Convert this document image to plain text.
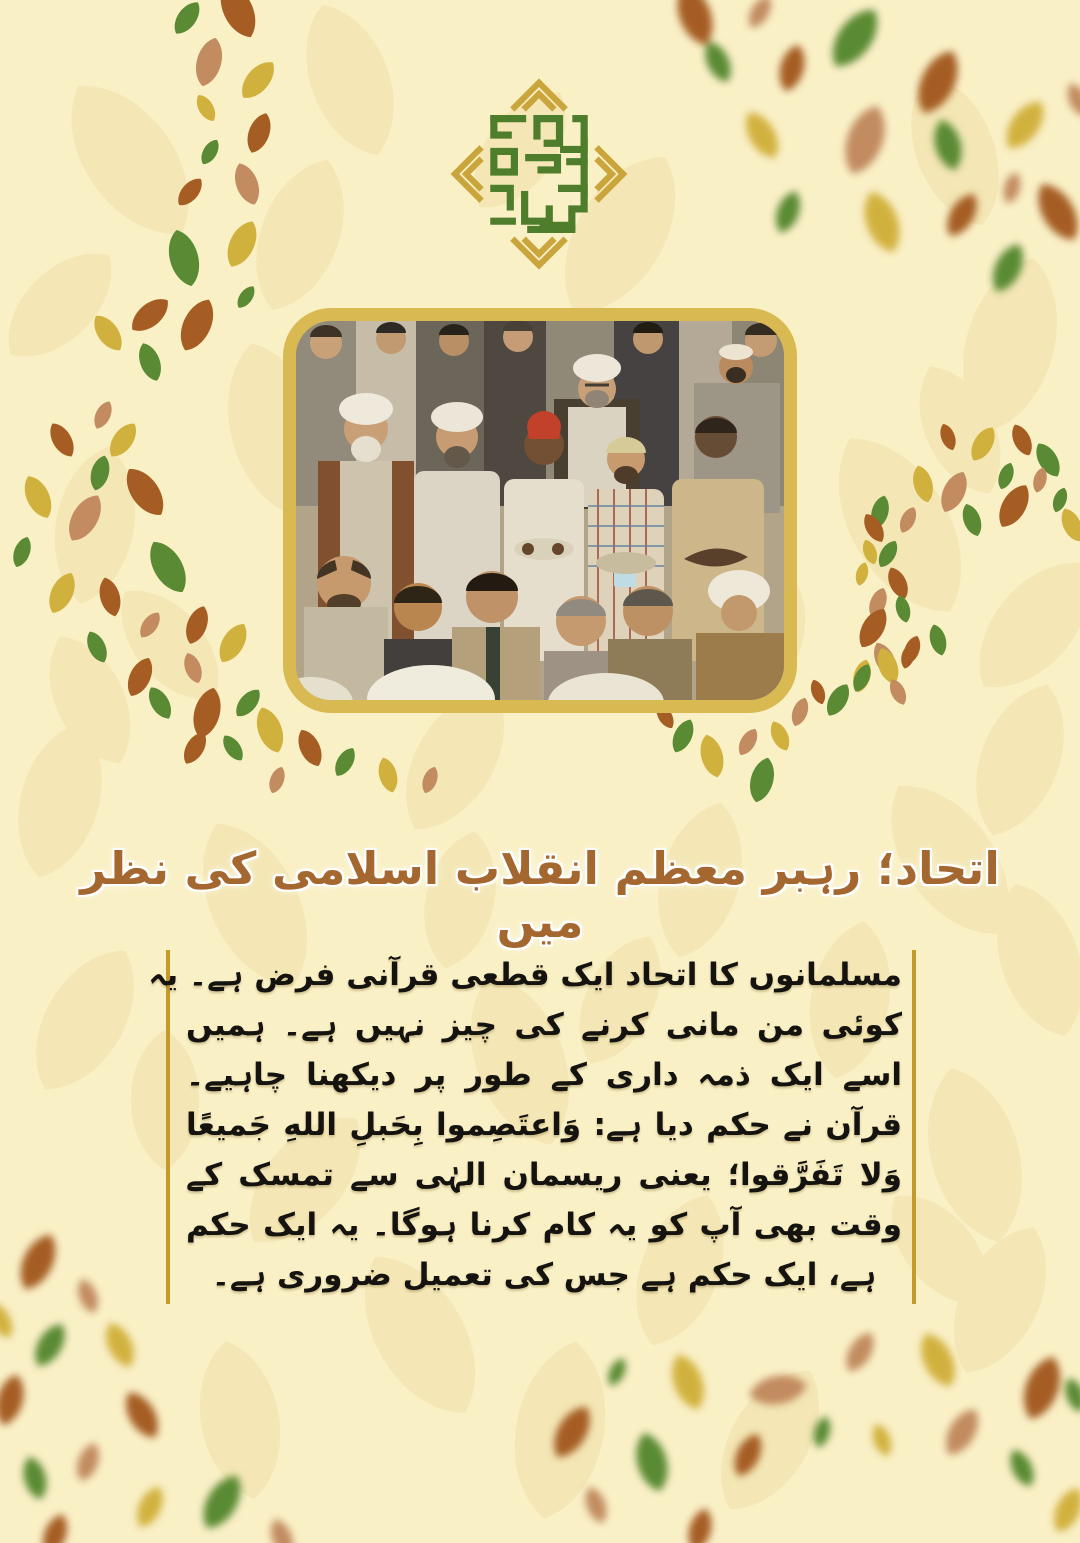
اتحاد؛ رہبر معظم انقلاب اسلامی کی نظر میں

مسلمانوں کا اتحاد ایک قطعی قرآنی فرض ہے۔ یہ

کوئی من مانی کرنے کی چیز نہیں ہے۔ ہمیں

اسے ایک ذمہ داری کے طور پر دیکھنا چاہیے۔

قرآن نے حکم دیا ہے: وَاعتَصِموا بِحَبلِ اللهِ جَمیعًا

وَلا تَفَرَّقوا؛ یعنی ریسمان الہٰی سے تمسک کے

وقت بھی آپ کو یہ کام کرنا ہوگا۔ یہ ایک حکم

ہے، ایک حکم ہے جس کی تعمیل ضروری ہے۔
